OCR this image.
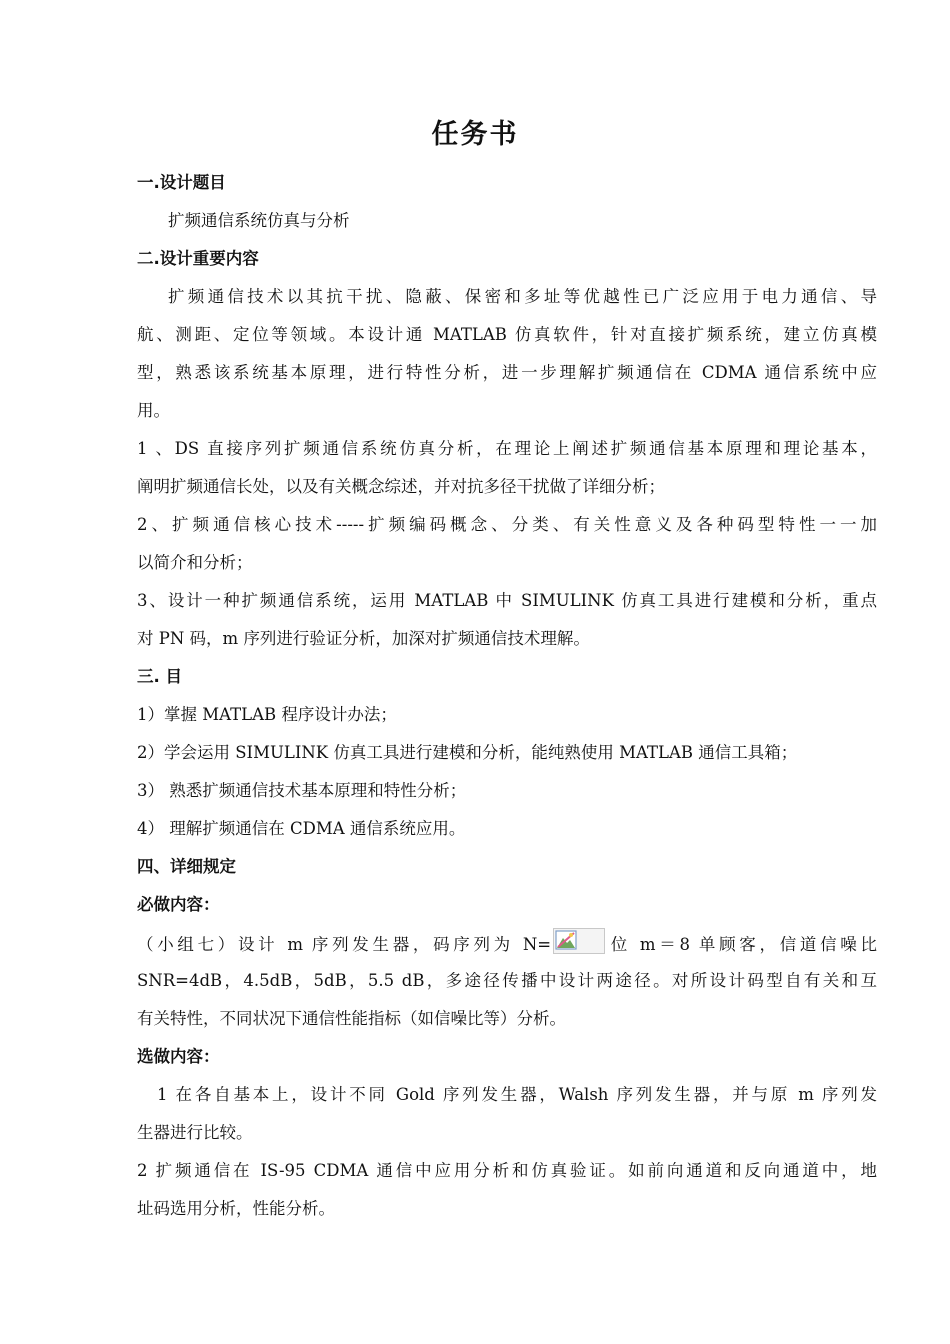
任务书
一.设计题目
扩频通信系统仿真与分析
二.设计重要内容
扩频通信技术以其抗干扰、隐蔽、保密和多址等优越性已广泛应用于电力通信、导
航、测距、定位等领域。本设计通 MATLAB 仿真软件，针对直接扩频系统，建立仿真模
型，熟悉该系统基本原理，进行特性分析，进一步理解扩频通信在 CDMA 通信系统中应
用。
1 、DS 直接序列扩频通信系统仿真分析，在理论上阐述扩频通信基本原理和理论基本，
阐明扩频通信长处，以及有关概念综述，并对抗多径干扰做了详细分析；
2、扩频通信核心技术-----扩频编码概念、分类、有关性意义及各种码型特性一一加
以简介和分析；
3、设计一种扩频通信系统，运用 MATLAB 中 SIMULINK 仿真工具进行建模和分析，重点
对 PN 码，m 序列进行验证分析，加深对扩频通信技术理解。
三. 目
1）掌握 MATLAB 程序设计办法；
2）学会运用 SIMULINK 仿真工具进行建模和分析，能纯熟使用 MATLAB 通信工具箱；
3） 熟悉扩频通信技术基本原理和特性分析；
4） 理解扩频通信在 CDMA 通信系统应用。
四、详细规定
必做内容：
（小组七）设计 m 序列发生器，码序列为 N=	位 m＝8 单顾客，信道信噪比
SNR=4dB，4.5dB，5dB，5.5 dB，多途径传播中设计两途径。对所设计码型自有关和互
有关特性，不同状况下通信性能指标（如信噪比等）分析。
选做内容：
1 在各自基本上，设计不同 Gold 序列发生器，Walsh 序列发生器，并与原 m 序列发
生器进行比较。
2 扩频通信在 IS-95 CDMA 通信中应用分析和仿真验证。如前向通道和反向通道中，地
址码选用分析，性能分析。
